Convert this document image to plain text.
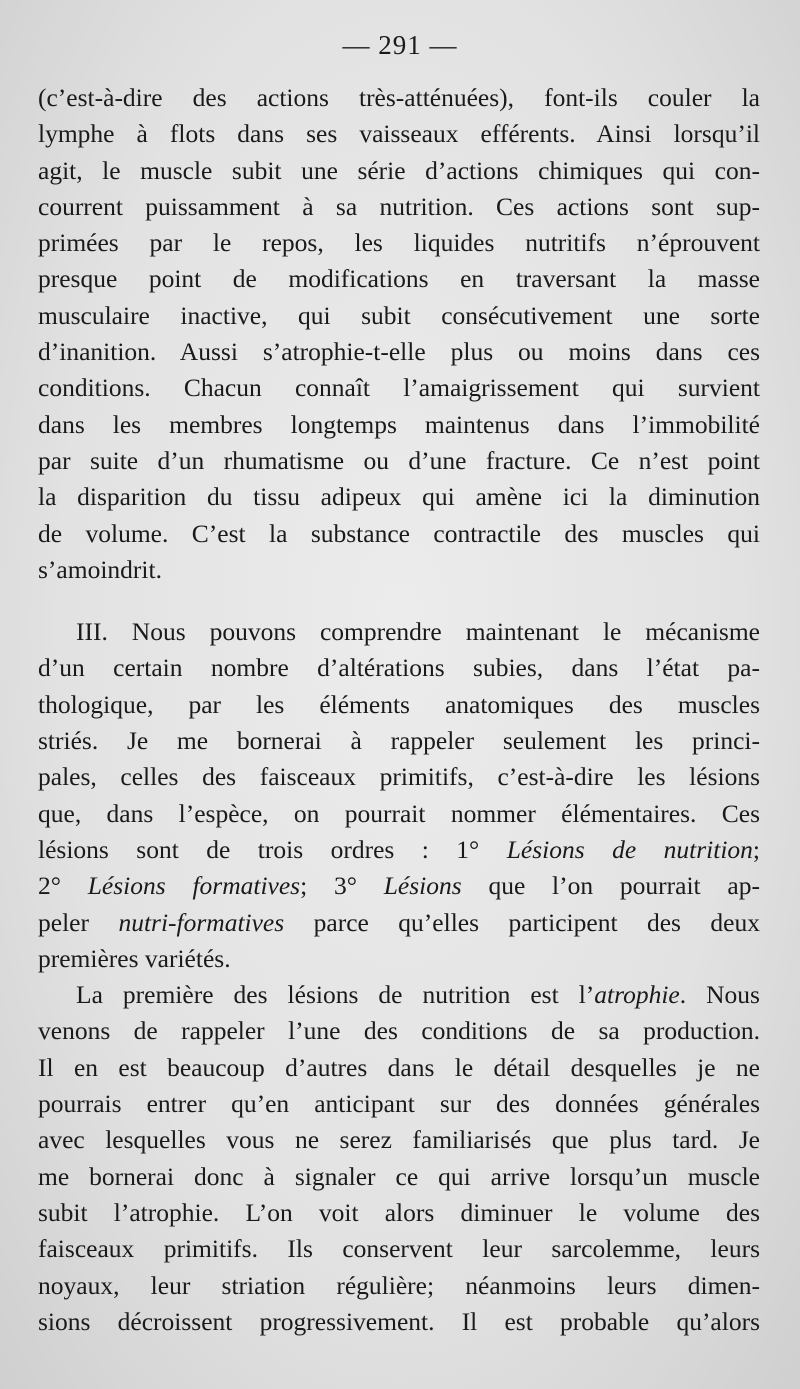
— 291 —
(c’est-à-dire des actions très-atténuées), font-ils couler la
lymphe à flots dans ses vaisseaux efférents. Ainsi lorsqu’il
agit, le muscle subit une série d’actions chimiques qui con-
courrent puissamment à sa nutrition. Ces actions sont sup-
primées par le repos, les liquides nutritifs n’éprouvent
presque point de modifications en traversant la masse
musculaire inactive, qui subit consécutivement une sorte
d’inanition. Aussi s’atrophie-t-elle plus ou moins dans ces
conditions. Chacun connaît l’amaigrissement qui survient
dans les membres longtemps maintenus dans l’immobilité
par suite d’un rhumatisme ou d’une fracture. Ce n’est point
la disparition du tissu adipeux qui amène ici la diminution
de volume. C’est la substance contractile des muscles qui
s’amoindrit.
III. Nous pouvons comprendre maintenant le mécanisme
d’un certain nombre d’altérations subies, dans l’état pa-
thologique, par les éléments anatomiques des muscles
striés. Je me bornerai à rappeler seulement les princi-
pales, celles des faisceaux primitifs, c’est-à-dire les lésions
que, dans l’espèce, on pourrait nommer élémentaires. Ces
lésions sont de trois ordres : 1° Lésions de nutrition;
2° Lésions formatives; 3° Lésions que l’on pourrait ap-
peler nutri-formatives parce qu’elles participent des deux
premières variétés.
La première des lésions de nutrition est l’atrophie. Nous
venons de rappeler l’une des conditions de sa production.
Il en est beaucoup d’autres dans le détail desquelles je ne
pourrais entrer qu’en anticipant sur des données générales
avec lesquelles vous ne serez familiarisés que plus tard. Je
me bornerai donc à signaler ce qui arrive lorsqu’un muscle
subit l’atrophie. L’on voit alors diminuer le volume des
faisceaux primitifs. Ils conservent leur sarcolemme, leurs
noyaux, leur striation régulière; néanmoins leurs dimen-
sions décroissent progressivement. Il est probable qu’alors
